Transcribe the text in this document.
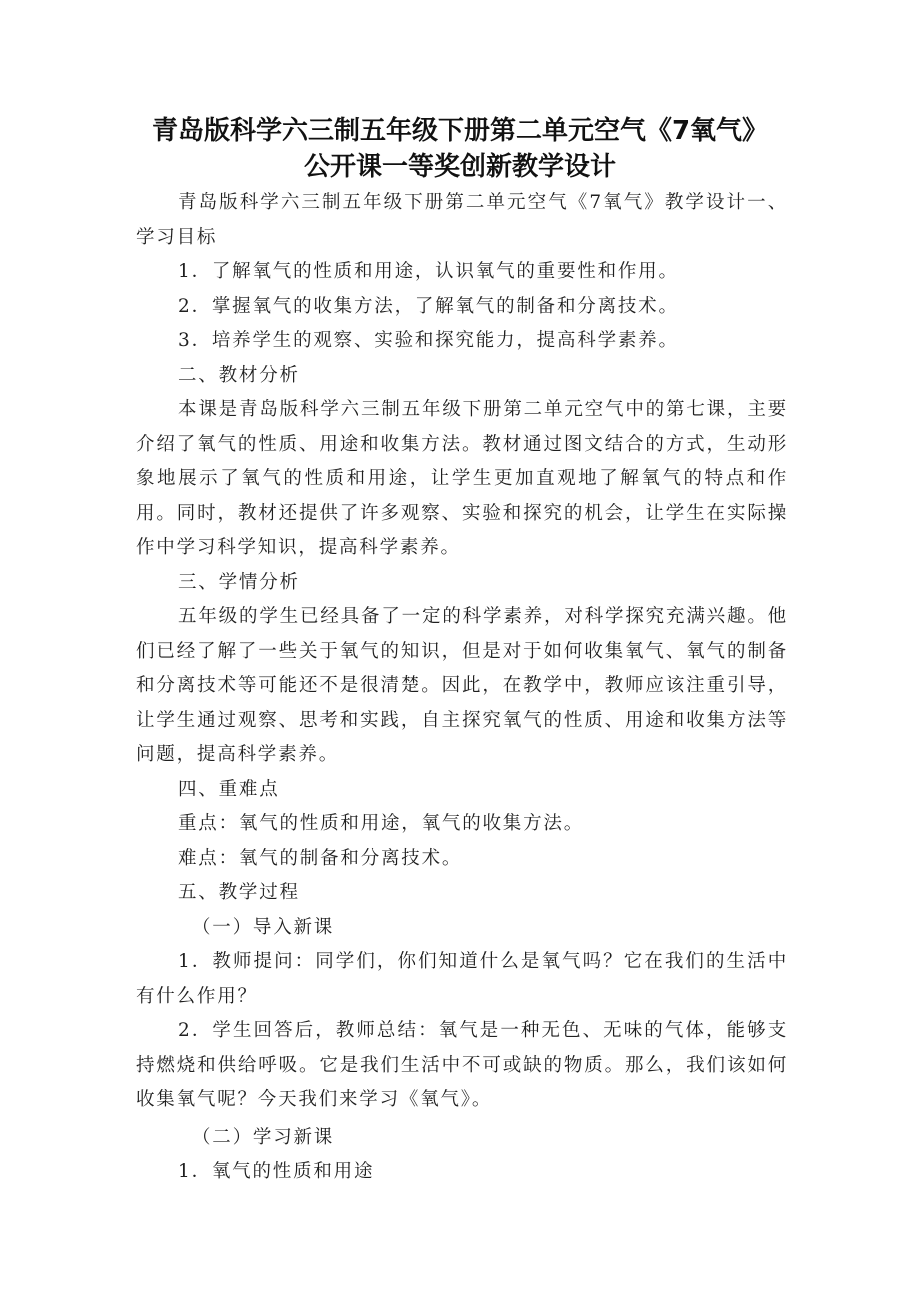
青岛版科学六三制五年级下册第二单元空气《7氧气》
公开课一等奖创新教学设计

青岛版科学六三制五年级下册第二单元空气《7氧气》教学设计一、学习目标

1．了解氧气的性质和用途，认识氧气的重要性和作用。

2．掌握氧气的收集方法，了解氧气的制备和分离技术。

3．培养学生的观察、实验和探究能力，提高科学素养。

二、教材分析

本课是青岛版科学六三制五年级下册第二单元空气中的第七课，主要介绍了氧气的性质、用途和收集方法。教材通过图文结合的方式，生动形象地展示了氧气的性质和用途，让学生更加直观地了解氧气的特点和作用。同时，教材还提供了许多观察、实验和探究的机会，让学生在实际操作中学习科学知识，提高科学素养。

三、学情分析

五年级的学生已经具备了一定的科学素养，对科学探究充满兴趣。他们已经了解了一些关于氧气的知识，但是对于如何收集氧气、氧气的制备和分离技术等可能还不是很清楚。因此，在教学中，教师应该注重引导，让学生通过观察、思考和实践，自主探究氧气的性质、用途和收集方法等问题，提高科学素养。

四、重难点

重点：氧气的性质和用途，氧气的收集方法。

难点：氧气的制备和分离技术。

五、教学过程

（一）导入新课

1．教师提问：同学们，你们知道什么是氧气吗？它在我们的生活中有什么作用？

2．学生回答后，教师总结：氧气是一种无色、无味的气体，能够支持燃烧和供给呼吸。它是我们生活中不可或缺的物质。那么，我们该如何收集氧气呢？今天我们来学习《氧气》。

（二）学习新课

1．氧气的性质和用途
